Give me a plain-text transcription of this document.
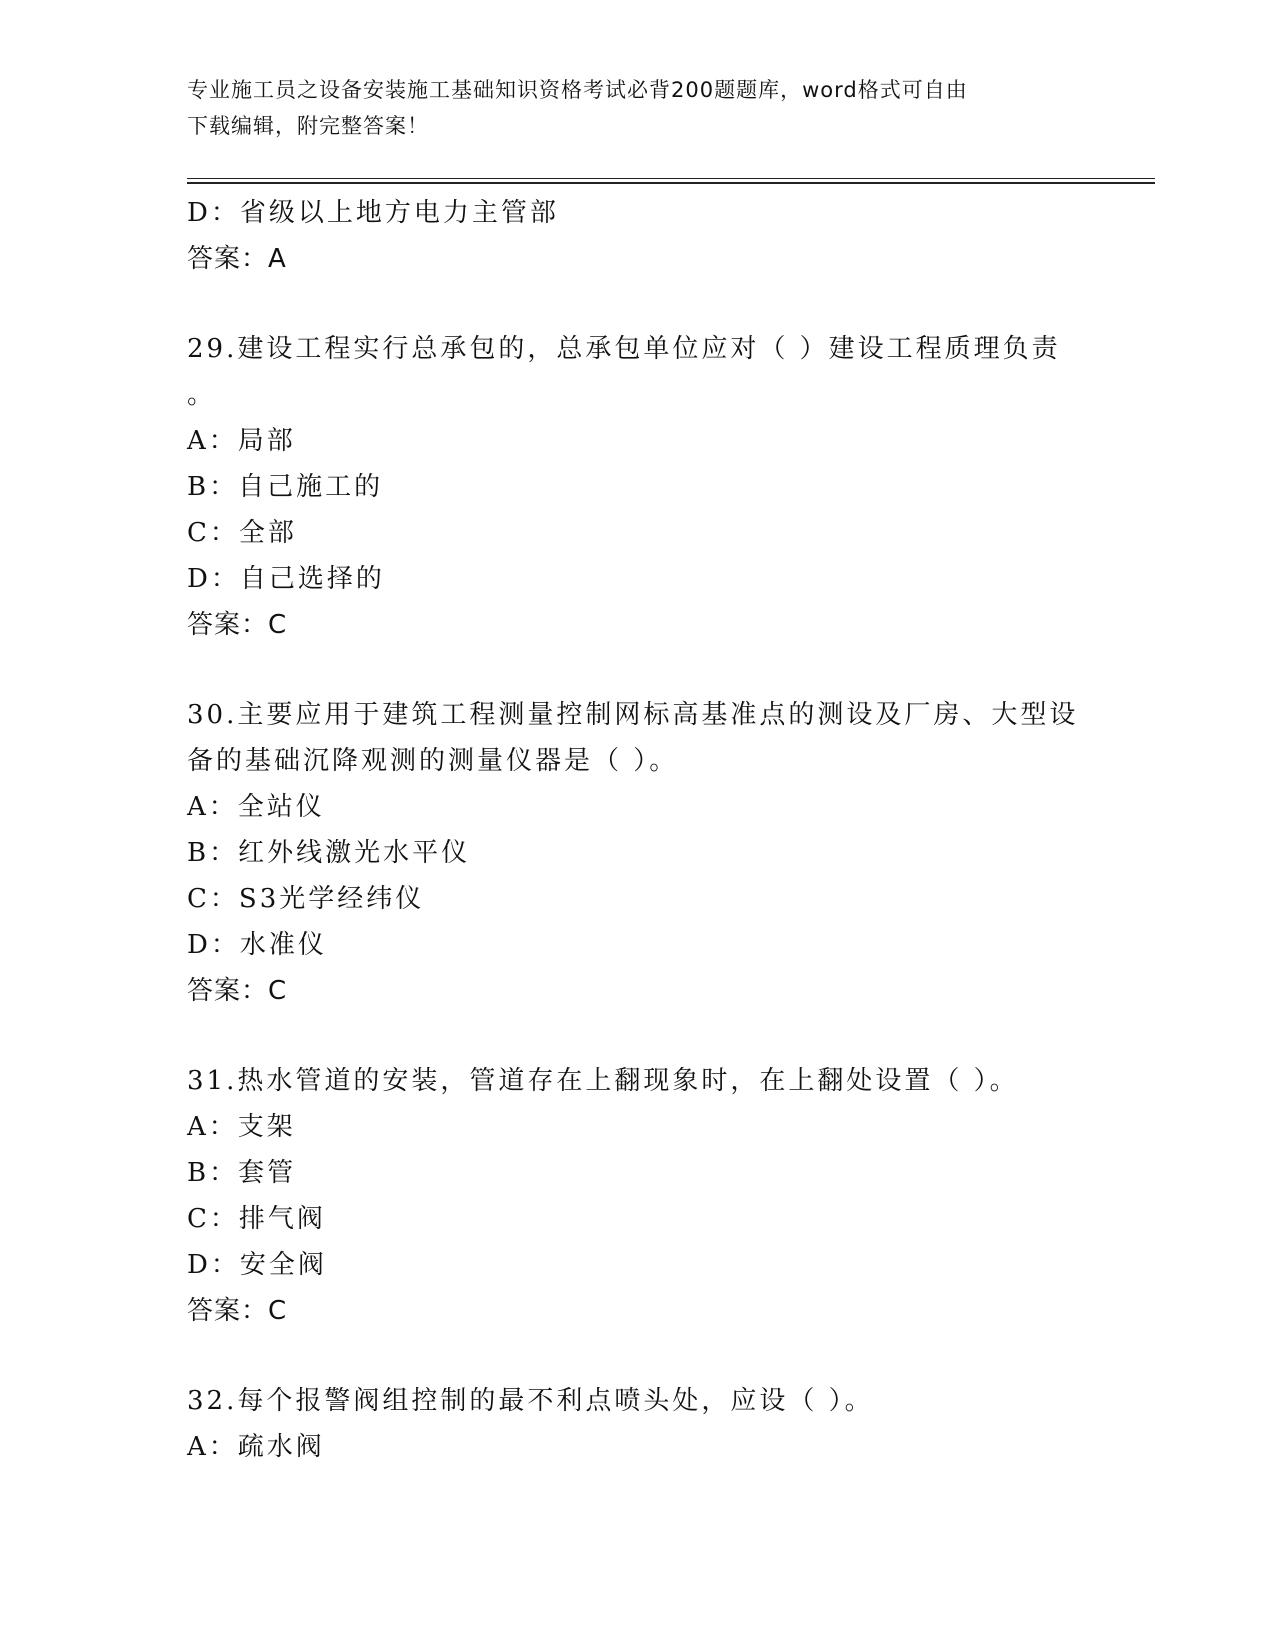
专业施工员之设备安装施工基础知识资格考试必背200题题库，word格式可自由
下载编辑，附完整答案！
D：省级以上地方电力主管部
答案：A
29.建设工程实行总承包的，总承包单位应对（ ）建设工程质理负责
。
A：局部
B：自己施工的
C：全部
D：自己选择的
答案：C
30.主要应用于建筑工程测量控制网标高基准点的测设及厂房、大型设
备的基础沉降观测的测量仪器是（ ）。
A：全站仪
B：红外线激光水平仪
C：S3光学经纬仪
D：水准仪
答案：C
31.热水管道的安装，管道存在上翻现象时，在上翻处设置（ ）。
A：支架
B：套管
C：排气阀
D：安全阀
答案：C
32.每个报警阀组控制的最不利点喷头处，应设（ ）。
A：疏水阀
